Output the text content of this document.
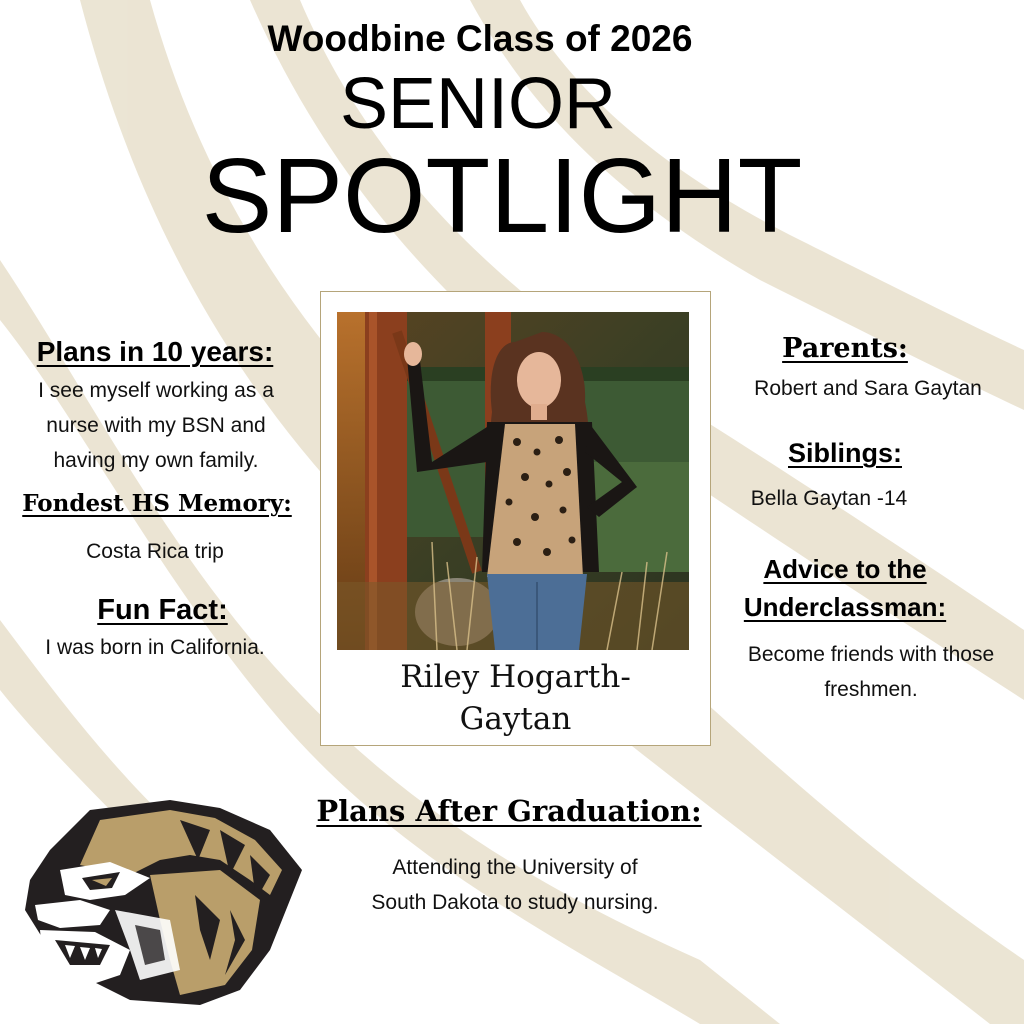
Woodbine Class of 2026
SENIOR
SPOTLIGHT
Plans in 10 years:
I see myself working as a
nurse with my BSN and
having my own family.
Fondest HS Memory:
Costa Rica trip
Fun Fact:
I was born in California.
Riley Hogarth-
Gaytan
Parents:
Robert and Sara Gaytan
Siblings:
Bella Gaytan -14
Advice to the
Underclassman:
Become friends with those
freshmen.
Plans After Graduation:
Attending the University of
South Dakota to study nursing.
